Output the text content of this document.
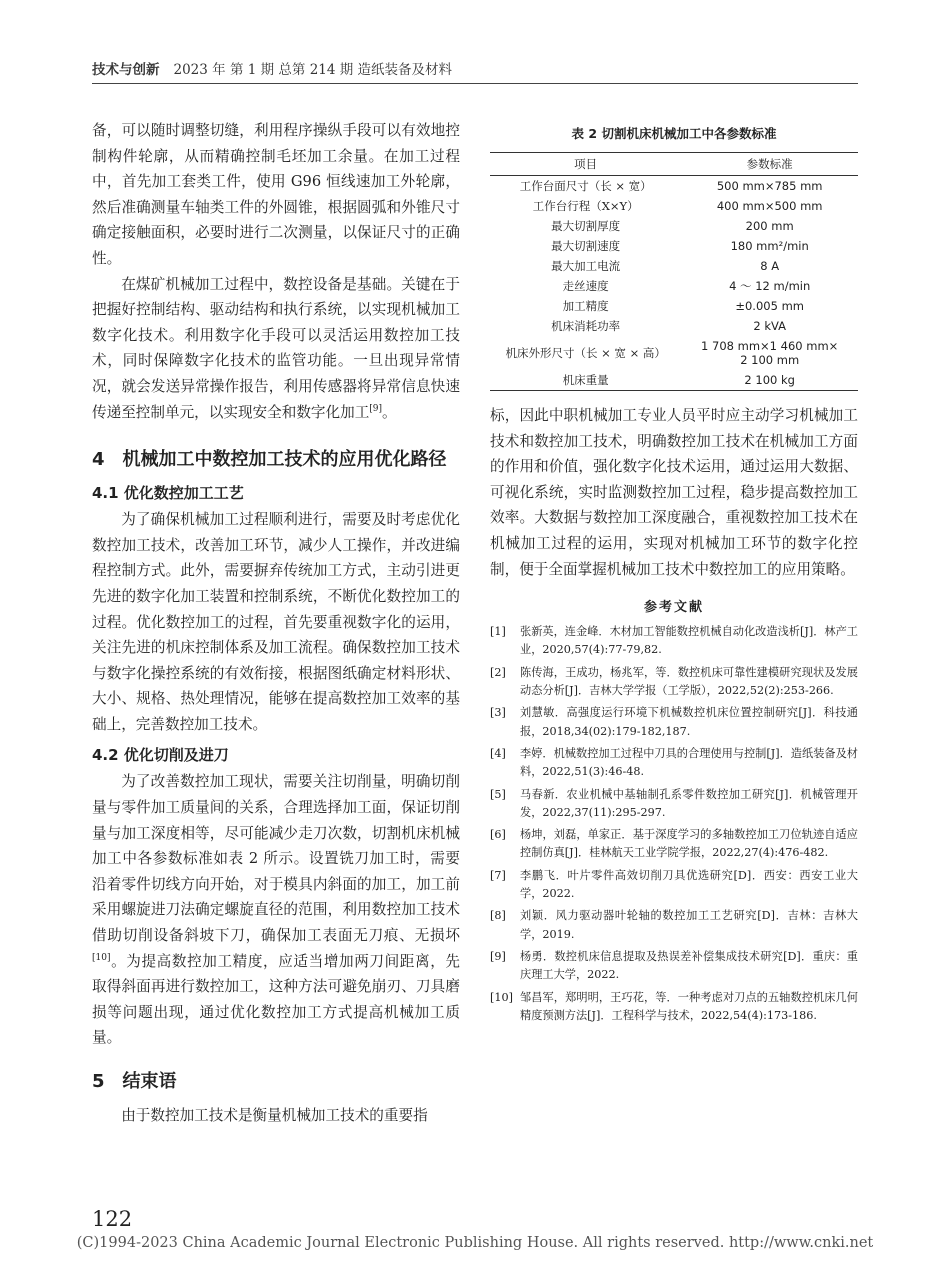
技术与创新 2023 年 第 1 期 总第 214 期 造纸装备及材料

备，可以随时调整切缝，利用程序操纵手段可以有效地控制构件轮廓，从而精确控制毛坯加工余量。在加工过程中，首先加工套类工件，使用 G96 恒线速加工外轮廓，然后准确测量车轴类工件的外圆锥，根据圆弧和外锥尺寸确定接触面积，必要时进行二次测量，以保证尺寸的正确性。

在煤矿机械加工过程中，数控设备是基础。关键在于把握好控制结构、驱动结构和执行系统，以实现机械加工数字化技术。利用数字化手段可以灵活运用数控加工技术，同时保障数字化技术的监管功能。一旦出现异常情况，就会发送异常操作报告，利用传感器将异常信息快速传递至控制单元，以实现安全和数字化加工[9]。

4 机械加工中数控加工技术的应用优化路径
4.1 优化数控加工工艺

为了确保机械加工过程顺利进行，需要及时考虑优化数控加工技术，改善加工环节，减少人工操作，并改进编程控制方式。此外，需要摒弃传统加工方式，主动引进更先进的数字化加工装置和控制系统，不断优化数控加工的过程。优化数控加工的过程，首先要重视数字化的运用，关注先进的机床控制体系及加工流程。确保数控加工技术与数字化操控系统的有效衔接，根据图纸确定材料形状、大小、规格、热处理情况，能够在提高数控加工效率的基础上，完善数控加工技术。

4.2 优化切削及进刀

为了改善数控加工现状，需要关注切削量，明确切削量与零件加工质量间的关系，合理选择加工面，保证切削量与加工深度相等，尽可能减少走刀次数，切割机床机械加工中各参数标准如表 2 所示。设置铣刀加工时，需要沿着零件切线方向开始，对于模具内斜面的加工，加工前采用螺旋进刀法确定螺旋直径的范围，利用数控加工技术借助切削设备斜坡下刀，确保加工表面无刀痕、无损坏[10]。为提高数控加工精度，应适当增加两刀间距离，先取得斜面再进行数控加工，这种方法可避免崩刃、刀具磨损等问题出现，通过优化数控加工方式提高机械加工质量。

5 结束语

由于数控加工技术是衡量机械加工技术的重要指

表 2 切割机床机械加工中各参数标准
项目	参数标准
工作台面尺寸（长 × 宽）	500 mm×785 mm
工作台行程（X×Y）	400 mm×500 mm
最大切割厚度	200 mm
最大切割速度	180 mm²/min
最大加工电流	8 A
走丝速度	4 ～ 12 m/min
加工精度	±0.005 mm
机床消耗功率	2 kVA
机床外形尺寸（长 × 宽 × 高）	1 708 mm×1 460 mm×
2 100 mm
机床重量	2 100 kg

标，因此中职机械加工专业人员平时应主动学习机械加工技术和数控加工技术，明确数控加工技术在机械加工方面的作用和价值，强化数字化技术运用，通过运用大数据、可视化系统，实时监测数控加工过程，稳步提高数控加工效率。大数据与数控加工深度融合，重视数控加工技术在机械加工过程的运用，实现对机械加工环节的数字化控制，便于全面掌握机械加工技术中数控加工的应用策略。

参考文献

[1] 张新英，连金峰．木材加工智能数控机械自动化改造浅析[J]．林产工业，2020,57(4):77-79,82.

[2] 陈传海，王成功，杨兆军，等．数控机床可靠性建模研究现状及发展动态分析[J]．吉林大学学报（工学版），2022,52(2):253-266.

[3] 刘慧敏．高强度运行环境下机械数控机床位置控制研究[J]．科技通报，2018,34(02):179-182,187.

[4] 李婷．机械数控加工过程中刀具的合理使用与控制[J]．造纸装备及材料，2022,51(3):46-48.

[5] 马春新．农业机械中基轴制孔系零件数控加工研究[J]．机械管理开发，2022,37(11):295-297.

[6] 杨坤，刘磊，单家正．基于深度学习的多轴数控加工刀位轨迹自适应控制仿真[J]．桂林航天工业学院学报，2022,27(4):476-482.

[7] 李鹏飞．叶片零件高效切削刀具优选研究[D]．西安：西安工业大学，2022.

[8] 刘颖．风力驱动器叶轮轴的数控加工工艺研究[D]．吉林：吉林大学，2019.

[9] 杨勇．数控机床信息提取及热误差补偿集成技术研究[D]．重庆：重庆理工大学，2022.

[10] 邹昌军，郑明明，王巧花，等．一种考虑对刀点的五轴数控机床几何精度预测方法[J]．工程科学与技术，2022,54(4):173-186.

122
(C)1994-2023 China Academic Journal Electronic Publishing House. All rights reserved. http://www.cnki.net
